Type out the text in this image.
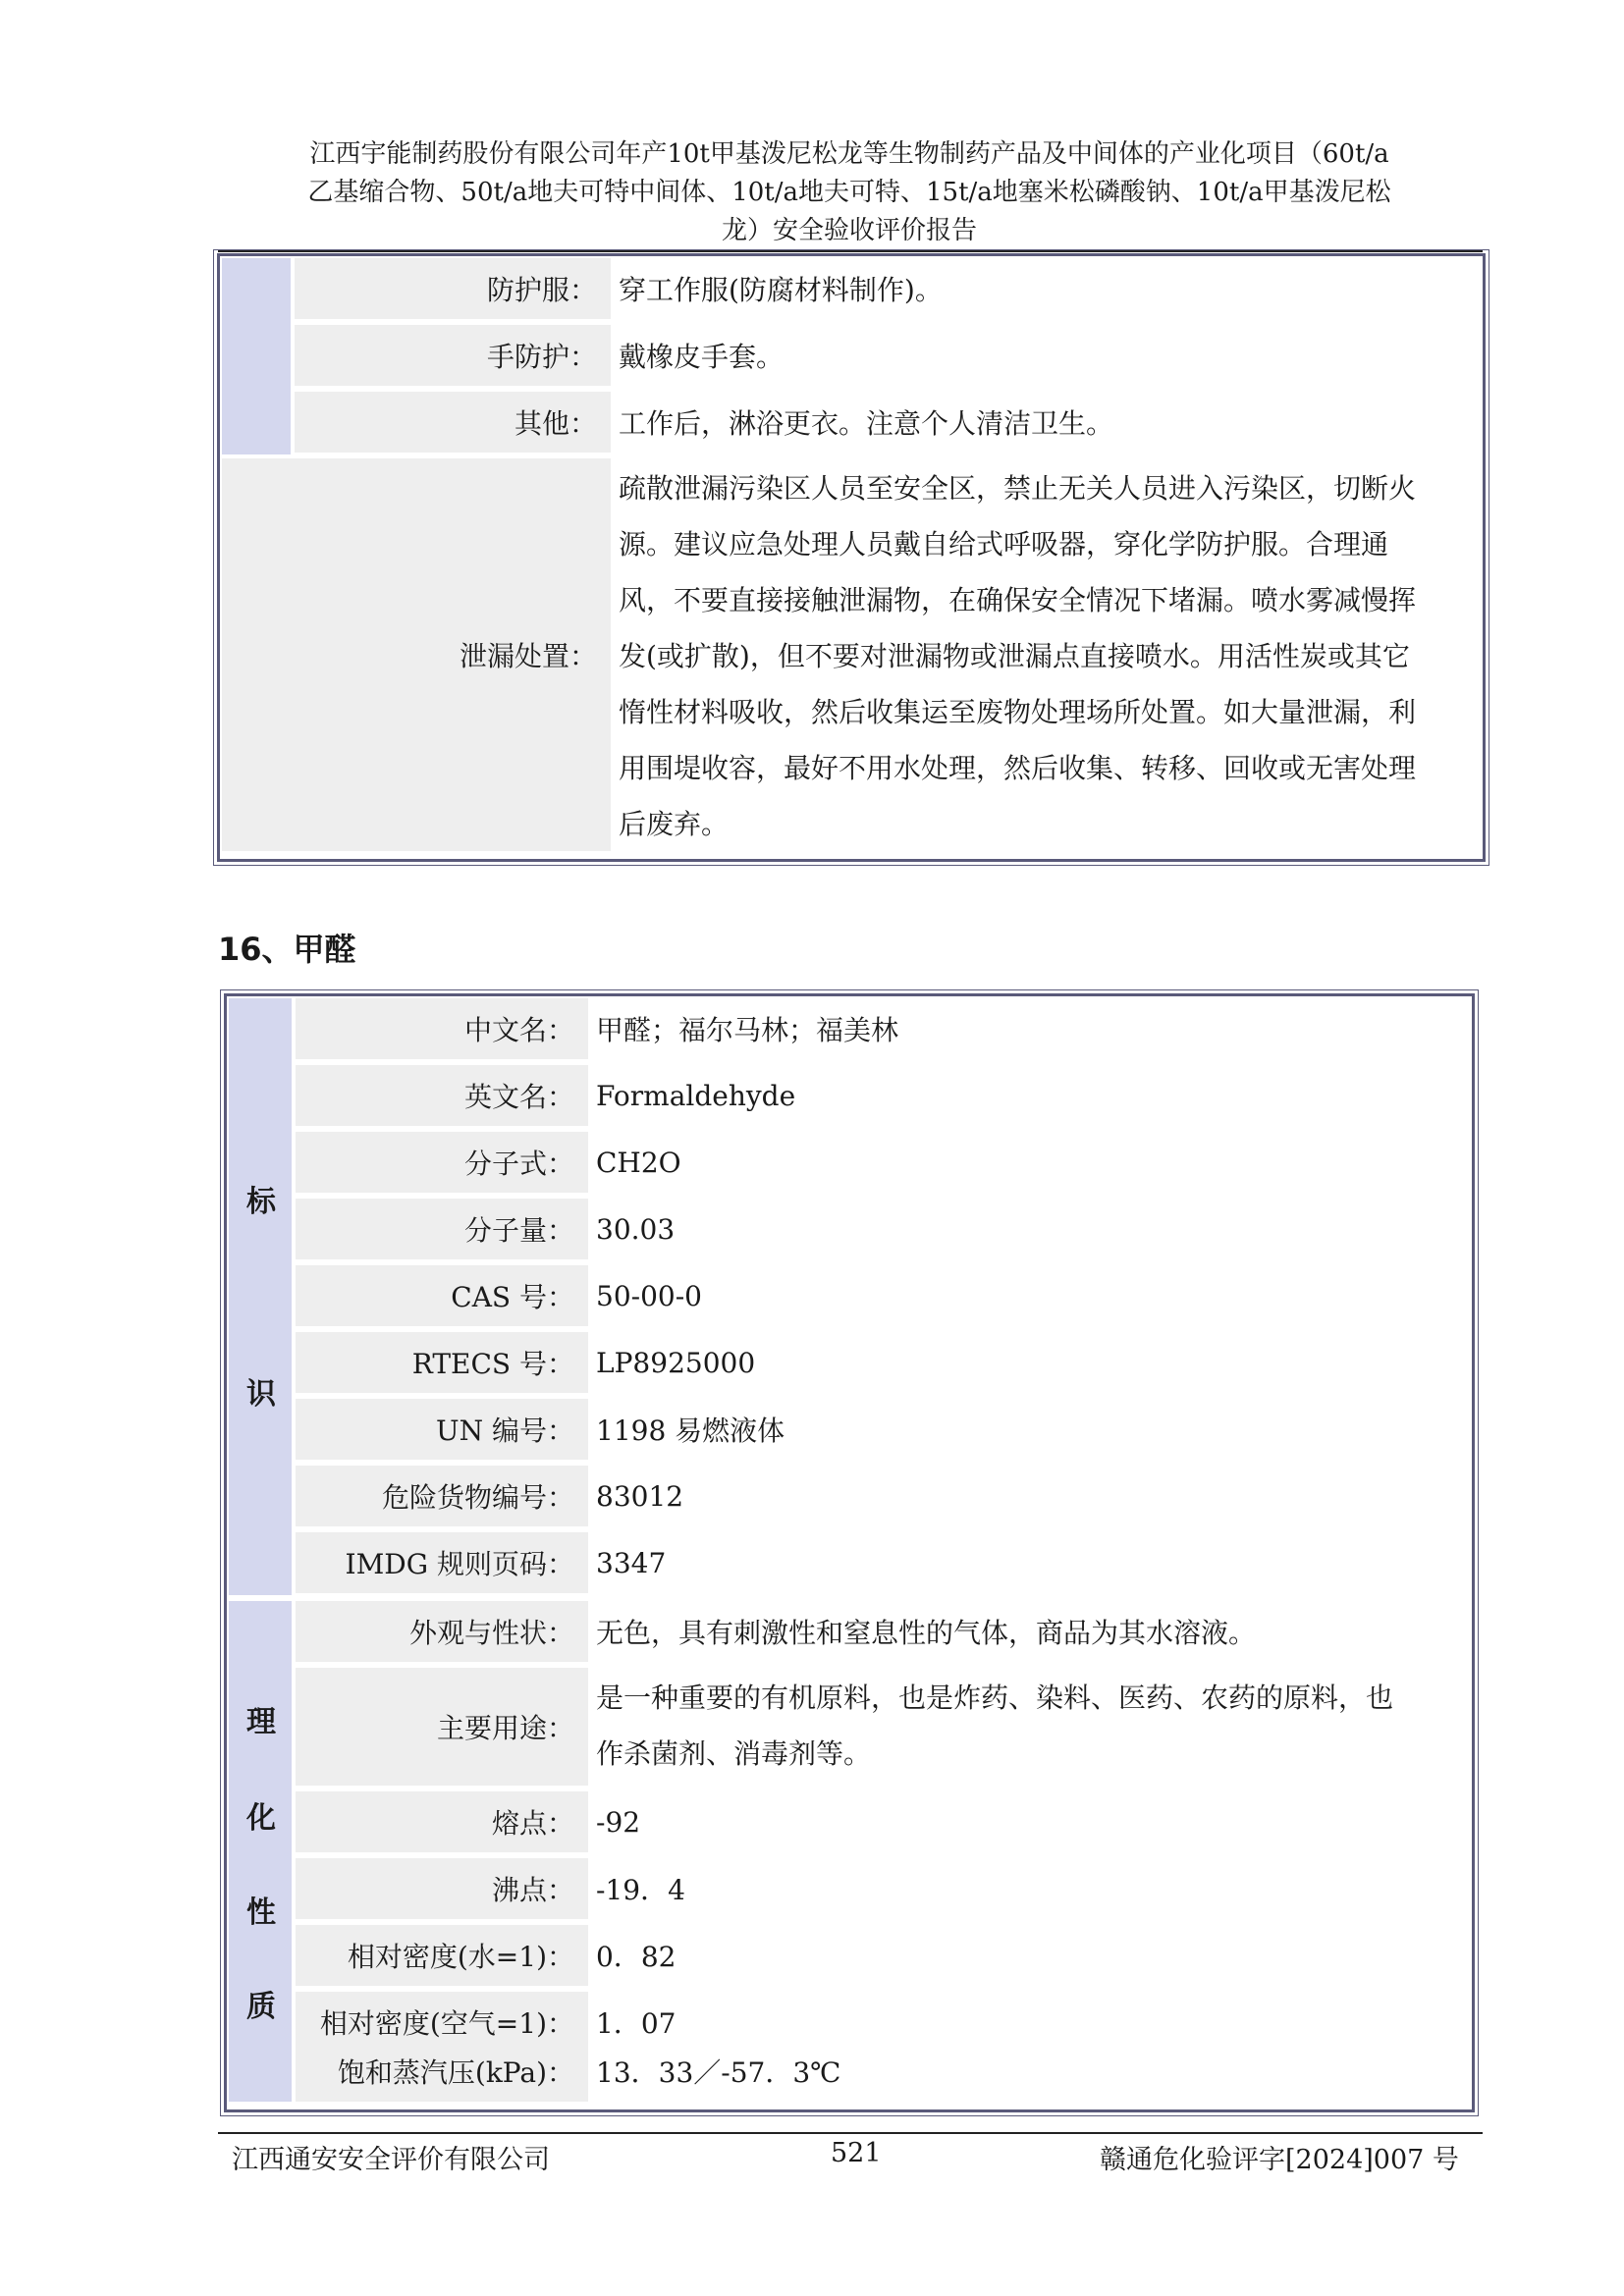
江西宇能制药股份有限公司年产10t甲基泼尼松龙等生物制药产品及中间体的产业化项目（60t/a
乙基缩合物、50t/a地夫可特中间体、10t/a地夫可特、15t/a地塞米松磷酸钠、10t/a甲基泼尼松
龙）安全验收评价报告
防护服： 穿工作服(防腐材料制作)。
手防护： 戴橡皮手套。
其他： 工作后，淋浴更衣。注意个人清洁卫生。
泄漏处置：
疏散泄漏污染区人员至安全区，禁止无关人员进入污染区，切断火
源。建议应急处理人员戴自给式呼吸器，穿化学防护服。合理通
风，不要直接接触泄漏物，在确保安全情况下堵漏。喷水雾减慢挥
发(或扩散)，但不要对泄漏物或泄漏点直接喷水。用活性炭或其它
惰性材料吸收，然后收集运至废物处理场所处置。如大量泄漏，利
用围堤收容，最好不用水处理，然后收集、转移、回收或无害处理
后废弃。
16、甲醛
标
识
中文名： 甲醛；福尔马林；福美林
英文名： Formaldehyde
分子式： CH2O
分子量： 30.03
CAS 号： 50-00-0
RTECS 号： LP8925000
UN 编号： 1198 易燃液体
危险货物编号： 83012
IMDG 规则页码： 3347
理
化
性
质
外观与性状： 无色，具有刺激性和窒息性的气体，商品为其水溶液。
主要用途：
是一种重要的有机原料，也是炸药、染料、医药、农药的原料，也
作杀菌剂、消毒剂等。
熔点： -92
沸点： -19．4
相对密度(水=1)： 0．82
相对密度(空气=1)： 1．07
饱和蒸汽压(kPa)： 13．33／-57．3℃
江西通安安全评价有限公司	521	赣通危化验评字[2024]007 号
